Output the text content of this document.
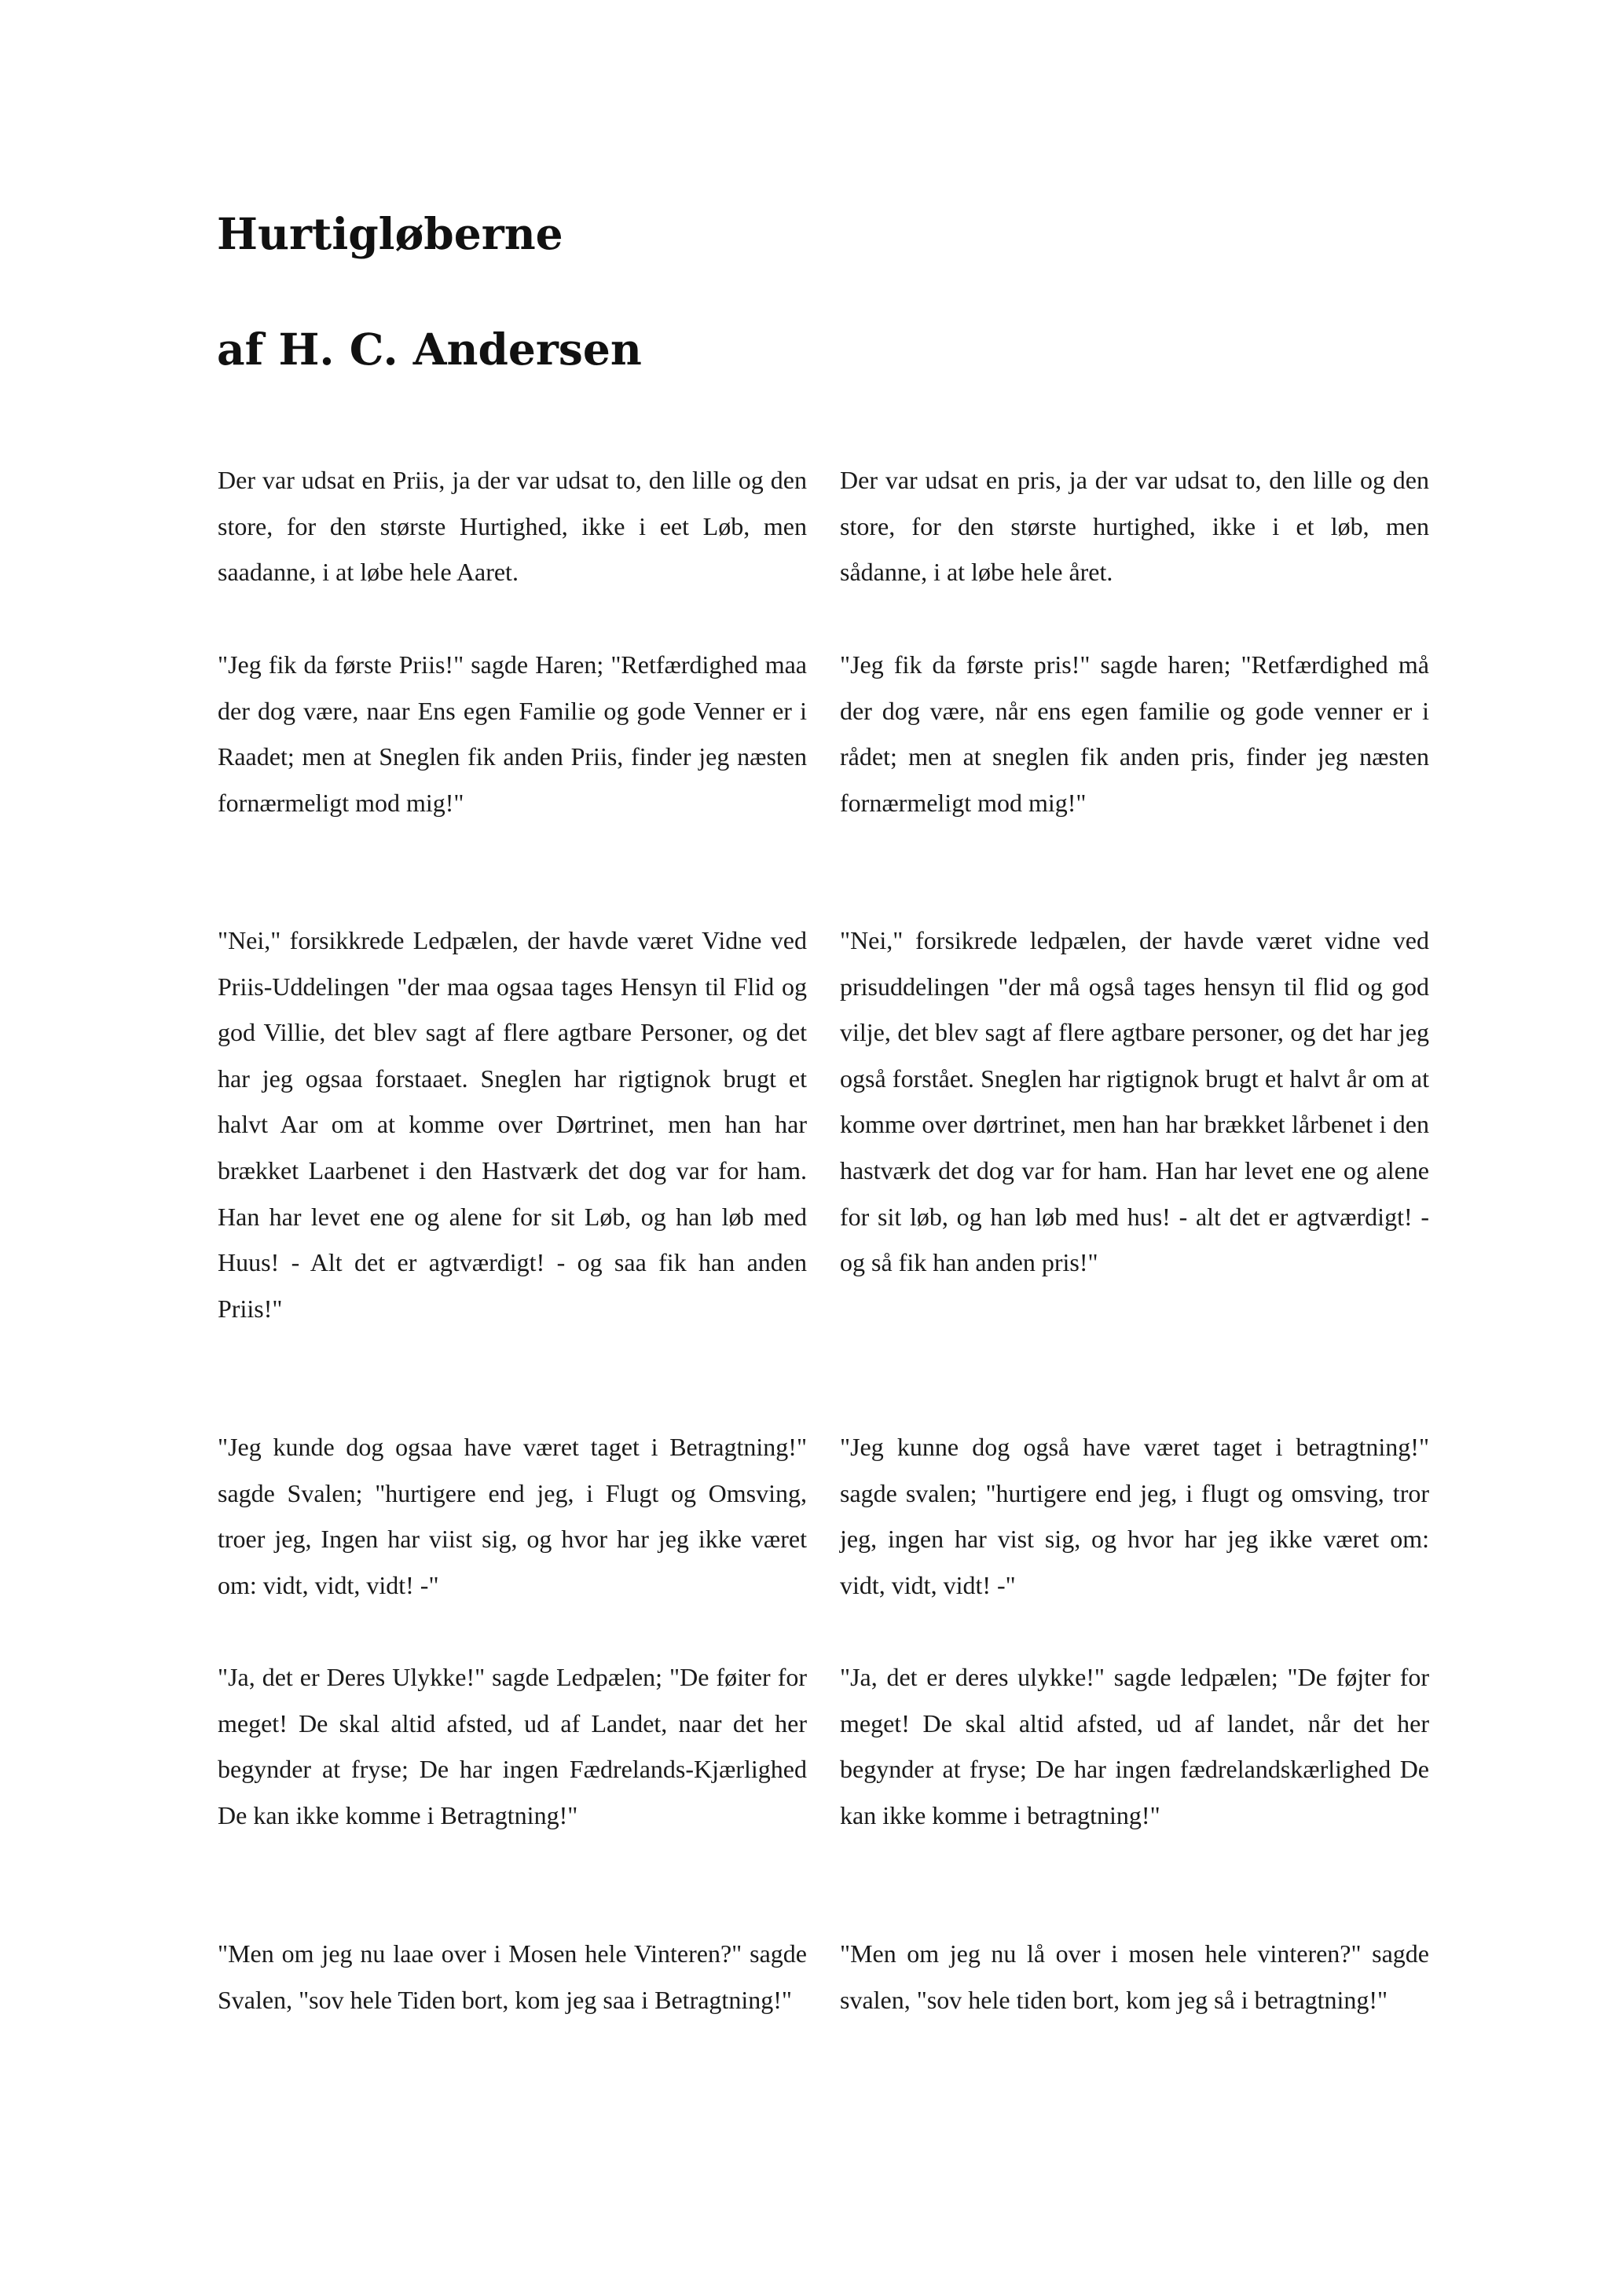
Hurtigløberne
af H. C. Andersen

Der var udsat en Priis, ja der var udsat to, den lille og den store, for den største Hurtighed, ikke i eet Løb, men saadanne, i at løbe hele Aaret.

"Jeg fik da første Priis!" sagde Haren; "Retfærdighed maa der dog være, naar Ens egen Familie og gode Venner er i Raadet; men at Sneglen fik anden Priis, finder jeg næsten fornærmeligt mod mig!"

"Nei," forsikkrede Ledpælen, der havde været Vidne ved Priis-Uddelingen "der maa ogsaa tages Hensyn til Flid og god Villie, det blev sagt af flere agtbare Personer, og det har jeg ogsaa forstaaet. Sneglen har rigtignok brugt et halvt Aar om at komme over Dørtrinet, men han har brækket Laarbenet i den Hastværk det dog var for ham. Han har levet ene og alene for sit Løb, og han løb med Huus! - Alt det er agtværdigt! - og saa fik han anden Priis!"

"Jeg kunde dog ogsaa have været taget i Betragtning!" sagde Svalen; "hurtigere end jeg, i Flugt og Omsving, troer jeg, Ingen har viist sig, og hvor har jeg ikke været om: vidt, vidt, vidt! -"

"Ja, det er Deres Ulykke!" sagde Ledpælen; "De føiter for meget! De skal altid afsted, ud af Landet, naar det her begynder at fryse; De har ingen Fædrelands-Kjærlighed De kan ikke komme i Betragtning!"

"Men om jeg nu laae over i Mosen hele Vinteren?" sagde Svalen, "sov hele Tiden bort, kom jeg saa i Betragtning!"

Der var udsat en pris, ja der var udsat to, den lille og den store, for den største hurtighed, ikke i et løb, men sådanne, i at løbe hele året.

"Jeg fik da første pris!" sagde haren; "Retfærdighed må der dog være, når ens egen familie og gode venner er i rådet; men at sneglen fik anden pris, finder jeg næsten fornærmeligt mod mig!"

"Nei," forsikrede ledpælen, der havde været vidne ved prisuddelingen "der må også tages hensyn til flid og god vilje, det blev sagt af flere agtbare personer, og det har jeg også forstået. Sneglen har rigtignok brugt et halvt år om at komme over dørtrinet, men han har brækket lårbenet i den hastværk det dog var for ham. Han har levet ene og alene for sit løb, og han løb med hus! - alt det er agtværdigt! - og så fik han anden pris!"

"Jeg kunne dog også have været taget i betragtning!" sagde svalen; "hurtigere end jeg, i flugt og omsving, tror jeg, ingen har vist sig, og hvor har jeg ikke været om: vidt, vidt, vidt! -"

"Ja, det er deres ulykke!" sagde ledpælen; "De føjter for meget! De skal altid afsted, ud af landet, når det her begynder at fryse; De har ingen fædrelandskærlighed De kan ikke komme i betragtning!"

"Men om jeg nu lå over i mosen hele vinteren?" sagde svalen, "sov hele tiden bort, kom jeg så i betragtning!"
